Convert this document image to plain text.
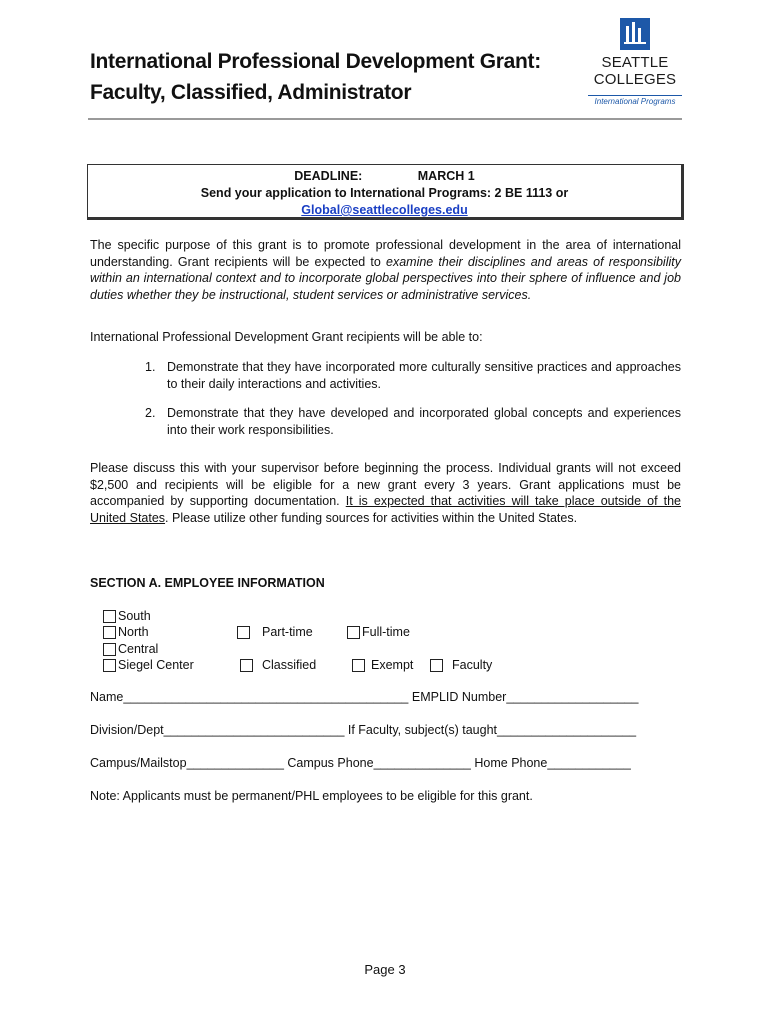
International Professional Development Grant:
Faculty, Classified, Administrator
SEATTLE
COLLEGES
International Programs
DEADLINE:	MARCH 1
Send your application to International Programs: 2 BE 1113 or
Global@seattlecolleges.edu
The specific purpose of this grant is to promote professional development in the area of international understanding. Grant recipients will be expected to examine their disciplines and areas of responsibility within an international context and to incorporate global perspectives into their sphere of influence and job duties whether they be instructional, student services or administrative services.
International Professional Development Grant recipients will be able to:
1. Demonstrate that they have incorporated more culturally sensitive practices and approaches to their daily interactions and activities.
2. Demonstrate that they have developed and incorporated global concepts and experiences into their work responsibilities.
Please discuss this with your supervisor before beginning the process. Individual grants will not exceed $2,500 and recipients will be eligible for a new grant every 3 years. Grant applications must be accompanied by supporting documentation. It is expected that activities will take place outside of the United States. Please utilize other funding sources for activities within the United States.
SECTION A. EMPLOYEE INFORMATION
South
North
Central
Siegel Center
Part-time	Full-time
Classified	Exempt	Faculty
Name_________________________________________ EMPLID Number___________________
Division/Dept__________________________ If Faculty, subject(s) taught____________________
Campus/Mailstop______________ Campus Phone______________ Home Phone____________
Note: Applicants must be permanent/PHL employees to be eligible for this grant.
Page 3
